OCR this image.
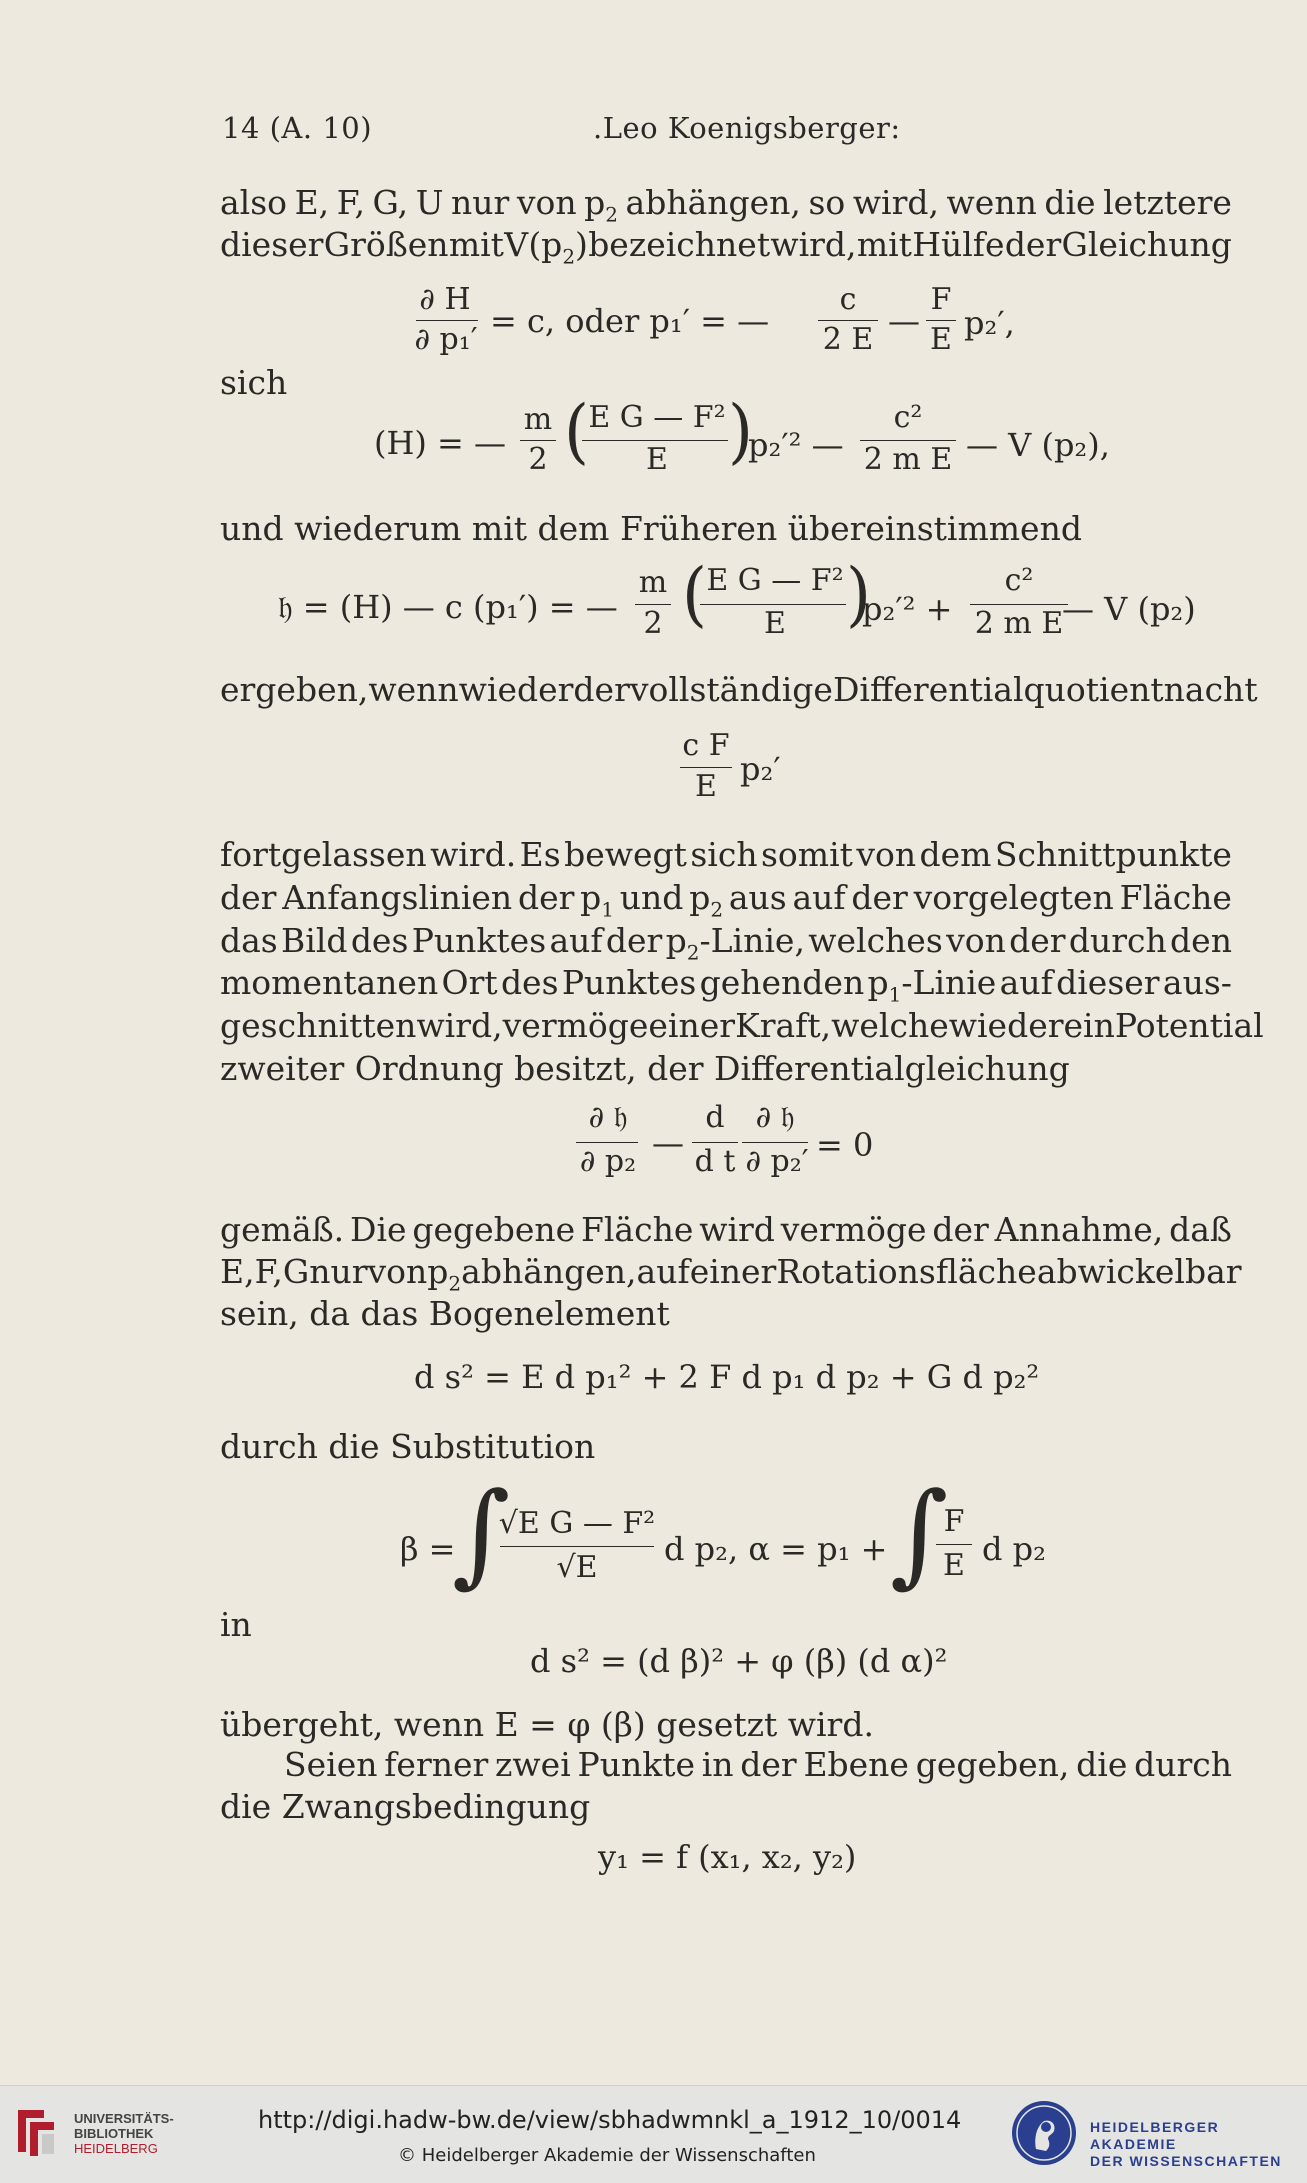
14 (A. 10)	.Leo Koenigsberger:
also E, F, G, U nur von $p_2$ abhängen, so wird, wenn die letztere
dieser Größen mit V $(p_2)$ bezeichnet wird, mit Hülfe der Gleichung
∂ H
∂ p₁′ = c, oder p₁′ = —
c
2 E —
F
E p₂′,
sich
(H) = —
m
2 ( E G — F²
E )
p₂′² —
c²
2 m E — V (p₂),
und wiederum mit dem Früheren übereinstimmend
𝔥 = (H) — c (p₁′) = —
m
2 ( E G — F²
E )
p₂′² +
c²
2 m E
— V (p₂)
ergeben, wenn wieder der vollständige Differentialquotient nach t
c F
E p₂′
fortgelassen wird. Es bewegt sich somit von dem Schnittpunkte
der Anfangslinien der $p_1$ und $p_2$ aus auf der vorgelegten Fläche
das Bild des Punktes auf der $p_2$-Linie, welches von der durch den
momentanen Ort des Punktes gehenden $p_1$-Linie auf dieser aus-
geschnitten wird, vermöge einer Kraft, welche wieder ein Potential
zweiter Ordnung besitzt, der Differentialgleichung
∂ 𝔥
∂ p₂ —
d
d t
∂ 𝔥
∂ p₂′ = 0
gemäß. Die gegebene Fläche wird vermöge der Annahme, daß
E, F, G nur von $p_2$ abhängen, auf einer Rotationsfläche abwickelbar
sein, da das Bogenelement
d s² = E d p₁² + 2 F d p₁ d p₂ + G d p₂²
durch die Substitution
β =
∫
√E G — F²
√E	d p₂, α = p₁ + ∫
F
E d p₂
in
d s² = (d β)² + φ (β) (d α)²
übergeht, wenn E = φ (β) gesetzt wird.
Seien ferner zwei Punkte in der Ebene gegeben, die durch
die Zwangsbedingung
y₁ = f (x₁, x₂, y₂)
UNIVERSITÄTS-
BIBLIOTHEK
HEIDELBERG
http://digi.hadw-bw.de/view/sbhadwmnkl_a_1912_10/0014
© Heidelberger Akademie der Wissenschaften
HEIDELBERGER AKADEMIE
DER WISSENSCHAFTEN
